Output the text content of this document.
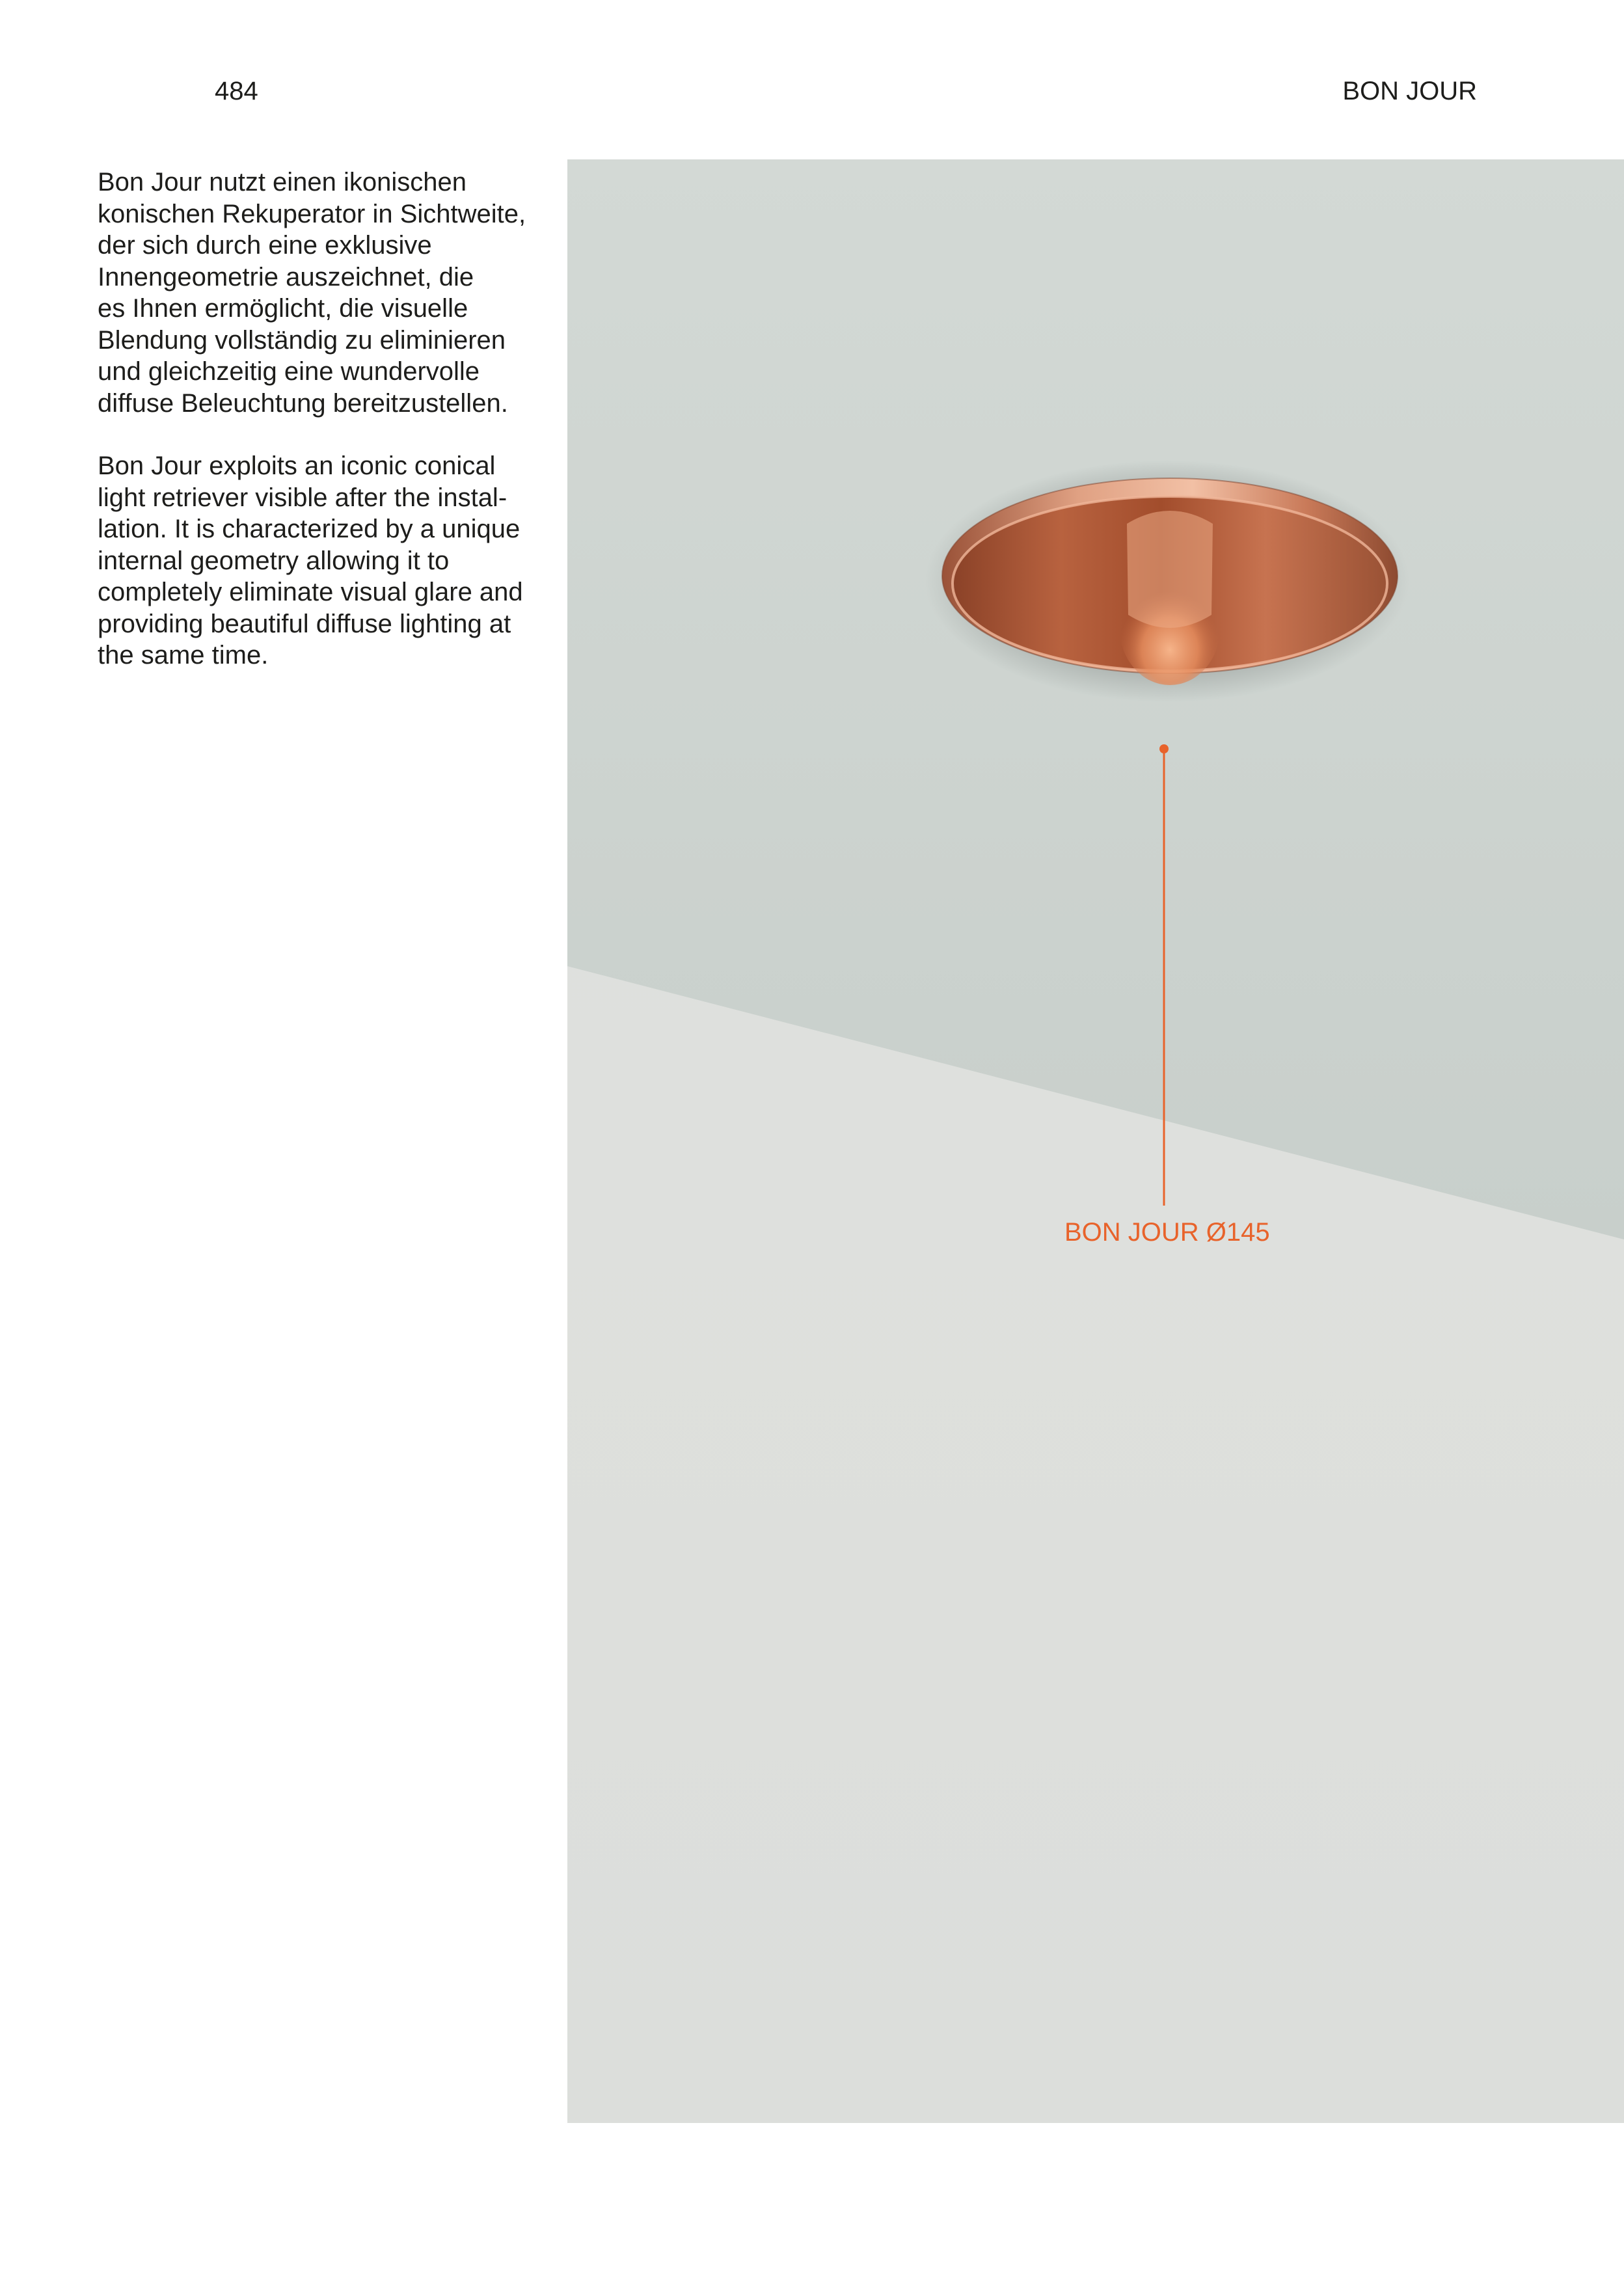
484	BON JOUR

Bon Jour nutzt einen ikonischen
konischen Rekuperator in Sichtweite,
der sich durch eine exklusive
Innengeometrie auszeichnet, die
es Ihnen ermöglicht, die visuelle
Blendung vollständig zu eliminieren
und gleichzeitig eine wundervolle
diffuse Beleuchtung bereitzustellen.

Bon Jour exploits an iconic conical
light retriever visible after the instal-
lation. It is characterized by a unique
internal geometry allowing it to
completely eliminate visual glare and
providing beautiful diffuse lighting at
the same time.

BON JOUR Ø145
